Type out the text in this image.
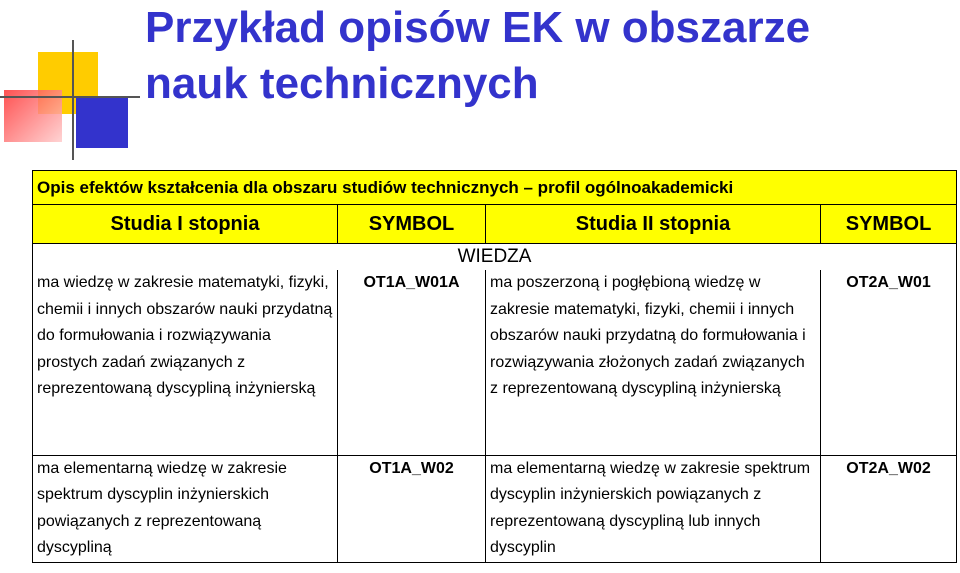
Przykład opisów EK w obszarze
nauk technicznych
Opis efektów kształcenia dla obszaru studiów technicznych – profil ogólnoakademicki			
Studia I stopnia	SYMBOL	Studia II stopnia	SYMBOL
WIEDZA			
ma wiedzę w zakresie matematyki, fizyki, chemii i innych obszarów nauki przydatną do formułowania i rozwiązywania prostych zadań związanych z reprezentowaną dyscypliną inżynierską	OT1A_W01A	ma poszerzoną i pogłębioną wiedzę w zakresie matematyki, fizyki, chemii i innych obszarów nauki przydatną do formułowania i rozwiązywania złożonych zadań związanych z reprezentowaną dyscypliną inżynierską	OT2A_W01
ma elementarną wiedzę w zakresie spektrum dyscyplin inżynierskich powiązanych z reprezentowaną dyscypliną	OT1A_W02	ma elementarną wiedzę w zakresie spektrum dyscyplin inżynierskich powiązanych z reprezentowaną dyscypliną lub innych dyscyplin	OT2A_W02
